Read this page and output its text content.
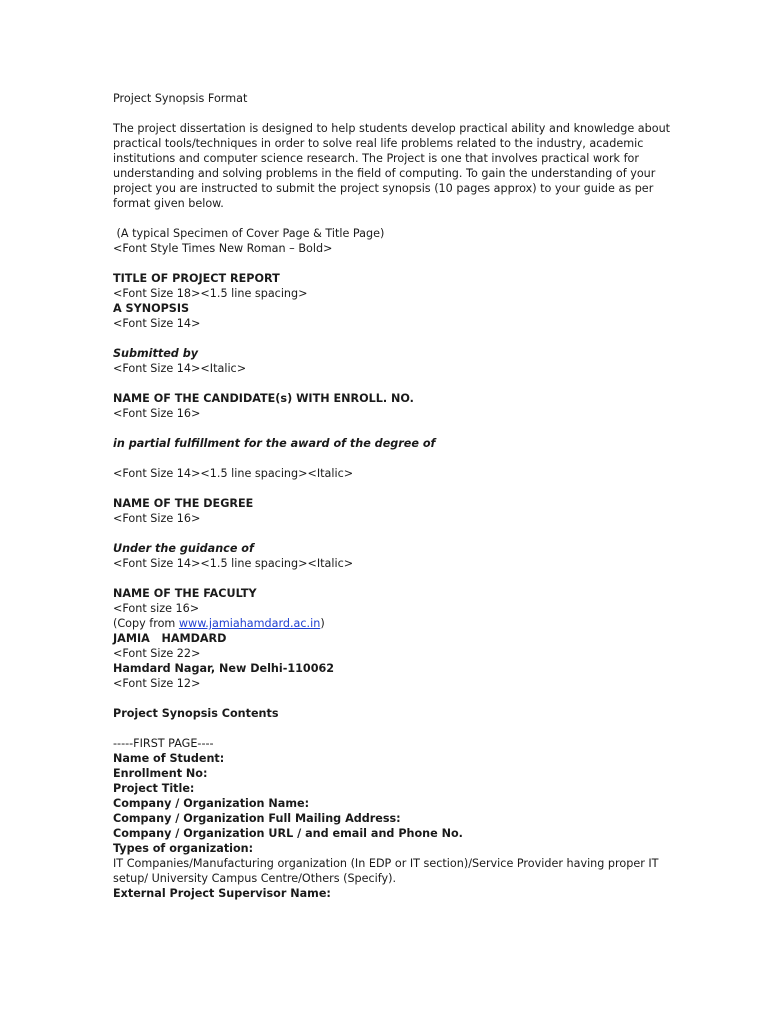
Project Synopsis Format
The project dissertation is designed to help students develop practical ability and knowledge about
practical tools/techniques in order to solve real life problems related to the industry, academic
institutions and computer science research. The Project is one that involves practical work for
understanding and solving problems in the field of computing. To gain the understanding of your
project you are instructed to submit the project synopsis (10 pages approx) to your guide as per
format given below.
(A typical Specimen of Cover Page & Title Page)
<Font Style Times New Roman – Bold>
TITLE OF PROJECT REPORT
<Font Size 18><1.5 line spacing>
A SYNOPSIS
<Font Size 14>
Submitted by
<Font Size 14><Italic>
NAME OF THE CANDIDATE(s) WITH ENROLL. NO.
<Font Size 16>
in partial fulfillment for the award of the degree of
<Font Size 14><1.5 line spacing><Italic>
NAME OF THE DEGREE
<Font Size 16>
Under the guidance of
<Font Size 14><1.5 line spacing><Italic>
NAME OF THE FACULTY
<Font size 16>
(Copy from www.jamiahamdard.ac.in)
JAMIA   HAMDARD
<Font Size 22>
Hamdard Nagar, New Delhi-110062
<Font Size 12>
Project Synopsis Contents
-----FIRST PAGE----
Name of Student:
Enrollment No:
Project Title:
Company / Organization Name:
Company / Organization Full Mailing Address:
Company / Organization URL / and email and Phone No.
Types of organization:
IT Companies/Manufacturing organization (In EDP or IT section)/Service Provider having proper IT
setup/ University Campus Centre/Others (Specify).
External Project Supervisor Name:
